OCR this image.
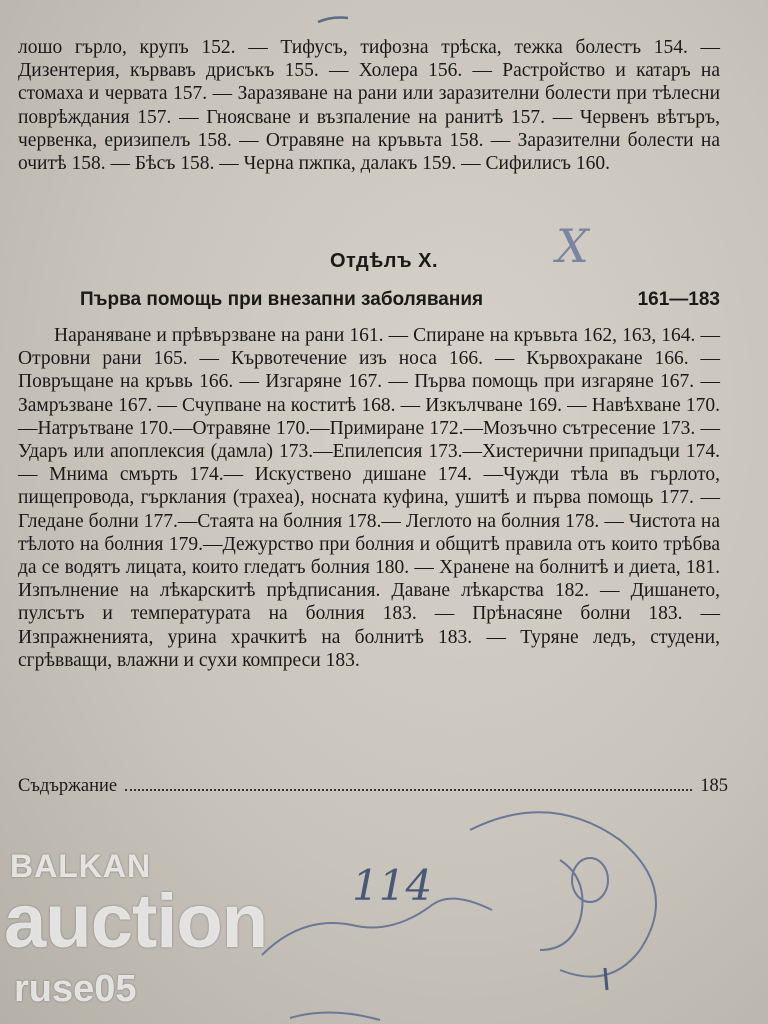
лошо гърло, крупъ 152. — Тифусъ, тифозна трѣска, тежка болестъ 154. — Дизентерия, кървавъ дрисъкъ 155. — Холера 156. — Растройство и катаръ на стомаха и червата 157. — Заразяване на рани или заразителни болести при тѣлесни поврѣждания 157. — Гноясване и възпаление на ранитѣ 157. — Червенъ вѣтъръ, червенка, еризипелъ 158. — Отравяне на кръвьта 158. — Заразителни болести на очитѣ 158. — Бѣсъ 158. — Черна пжпка, далакъ 159. — Сифилисъ 160.
Отдѣлъ X.
Първа помощь при внезапни заболявания	161—183
Нараняване и прѣвързване на рани 161. — Спиране на кръвьта 162, 163, 164. — Отровни рани 165. — Кървотечение изъ носа 166. — Кървохракане 166. — Повръщане на кръвь 166. — Изгаряне 167. — Първа помощь при изгаряне 167. — Замръзване 167. — Счупване на коститѣ 168. — Изкълчване 169. — Навѣхване 170.—Натрътване 170.—Отравяне 170.—Примиране 172.—Мозъчно сътресение 173. — Ударъ или апоплексия (дамла) 173.—Епилепсия 173.—Хистерични припадъци 174. — Мнима смърть 174.— Искуствено дишане 174. —Чужди тѣла въ гърлото, пищепровода, гърклания (трахеа), носната куфина, ушитѣ и първа помощь 177. — Гледане болни 177.—Стаята на болния 178.— Леглото на болния 178. — Чистота на тѣлото на болния 179.—Дежурство при болния и общитѣ правила отъ които трѣбва да се водятъ лицата, които гледатъ болния 180. — Хранене на болнитѣ и диета, 181. Изпълнение на лѣкарскитѣ прѣдписания. Даване лѣкарства 182. — Дишането, пулсътъ и температурата на болния 183. — Прѣнасяне болни 183. — Изпражненията, урина храчкитѣ на болнитѣ 183. — Туряне ледъ, студени, сгрѣвващи, влажни и сухи компреси 183.
Съдържание	185
X
114
BALKAN
auction
ruse05
